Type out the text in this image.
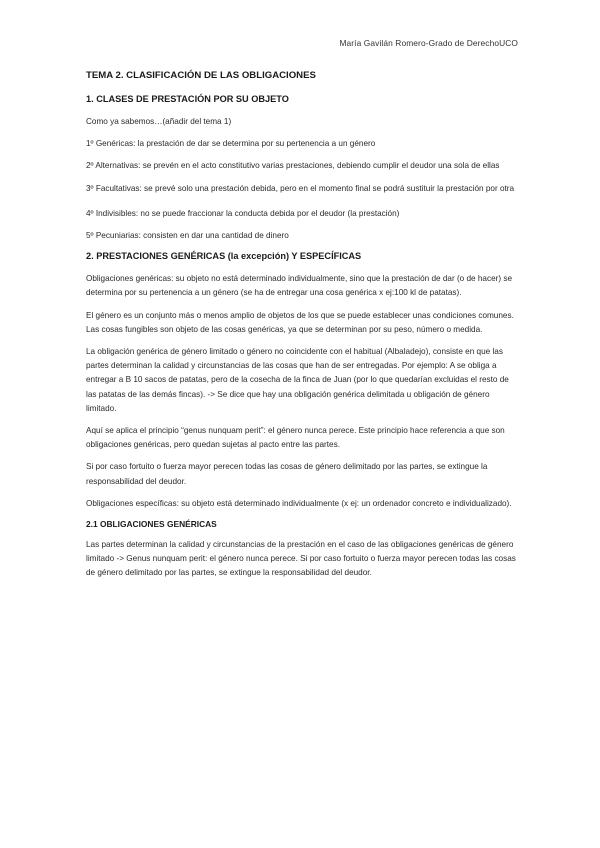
María Gavilán Romero-Grado de DerechoUCO
TEMA 2. CLASIFICACIÓN DE LAS OBLIGACIONES
1. CLASES DE PRESTACIÓN POR SU OBJETO
Como ya sabemos…(añadir del tema 1)
1º Genéricas: la prestación de dar se determina por su pertenencia a un género
2º Alternativas: se prevén en el acto constitutivo varias prestaciones, debiendo cumplir el deudor una sola de ellas
3º Facultativas: se prevé solo una prestación debida, pero en el momento final se podrá sustituir la prestación por otra
4º Indivisibles: no se puede fraccionar la conducta debida por el deudor (la prestación)
5º Pecuniarias: consisten en dar una cantidad de dinero
2. PRESTACIONES GENÉRICAS (la excepción) Y ESPECÍFICAS
Obligaciones genéricas: su objeto no está determinado individualmente, sino que la prestación de dar (o de hacer) se determina por su pertenencia a un género (se ha de entregar una cosa genérica x ej:100 kl de patatas).
El género es un conjunto más o menos amplio de objetos de los que se puede establecer unas condiciones comunes. Las cosas fungibles son objeto de las cosas genéricas, ya que se determinan por su peso, número o medida.
La obligación genérica de género limitado o género no coincidente con el habitual (Albaladejo), consiste en que las partes determinan la calidad y circunstancias de las cosas que han de ser entregadas. Por ejemplo: A se obliga a entregar a B 10 sacos de patatas, pero de la cosecha de la finca de Juan (por lo que quedarían excluidas el resto de las patatas de las demás fincas). -> Se dice que hay una obligación genérica delimitada u obligación de género limitado.
Aquí se aplica el principio “genus nunquam perit”: el género nunca perece. Este principio hace referencia a que son obligaciones genéricas, pero quedan sujetas al pacto entre las partes.
Si por caso fortuito o fuerza mayor perecen todas las cosas de género delimitado por las partes, se extingue la responsabilidad del deudor.
Obligaciones específicas: su objeto está determinado individualmente (x ej: un ordenador concreto e individualizado).
2.1 OBLIGACIONES GENÉRICAS
Las partes determinan la calidad y circunstancias de la prestación en el caso de las obligaciones genéricas de género limitado -> Genus nunquam perit: el género nunca perece. Si por caso fortuito o fuerza mayor perecen todas las cosas de género delimitado por las partes, se extingue la responsabilidad del deudor.
